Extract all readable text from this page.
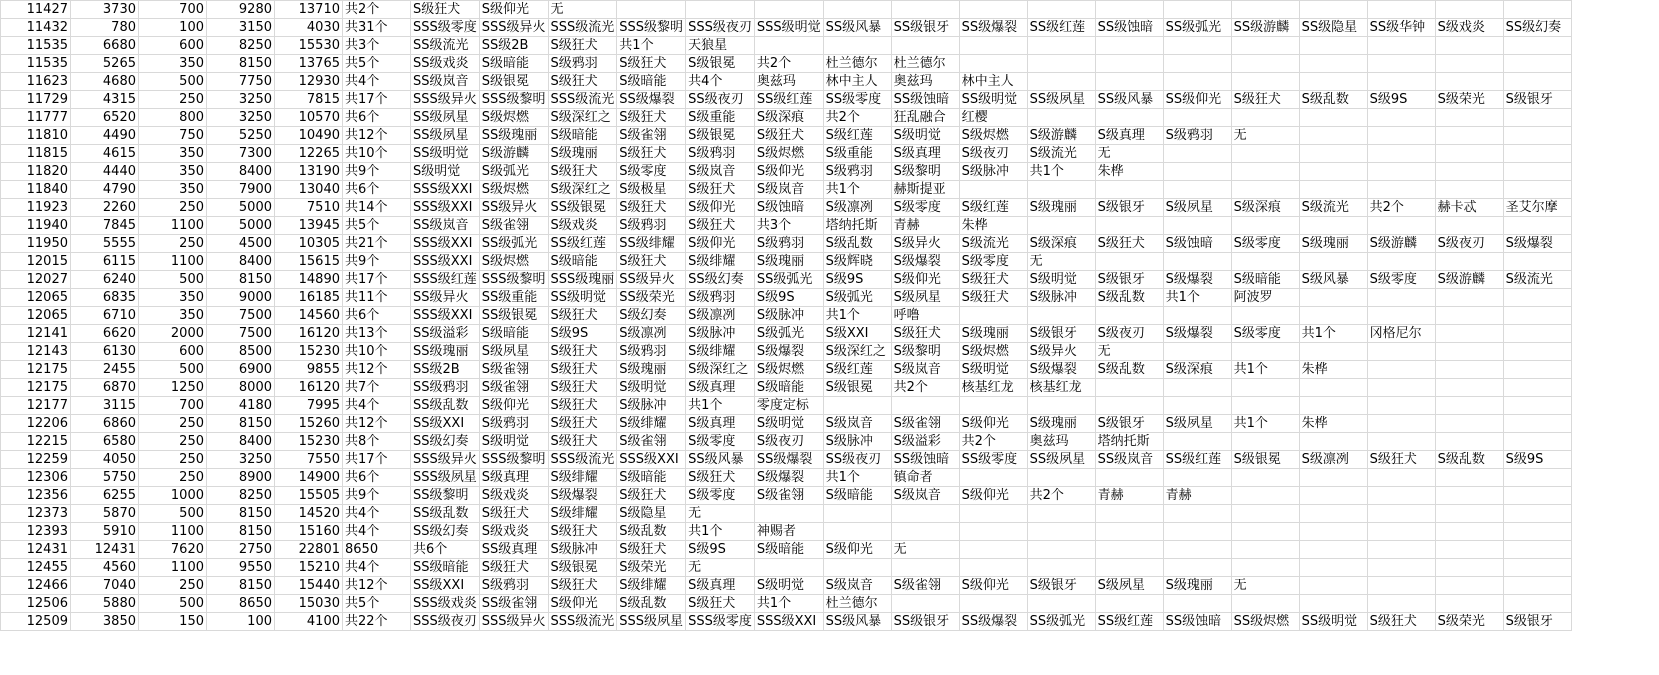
11427	3730	700	9280	13710	共2个	S级狂犬	S级仰光	无														
11432	780	100	3150	4030	共31个	SSS级零度	SSS级异火	SSS级流光	SSS级黎明	SSS级夜刃	SSS级明觉	SS级风暴	SS级银牙	SS级爆裂	SS级红莲	SS级蚀暗	SS级弧光	SS级游麟	SS级隐星	SS级华钟	S级戏炎	SS级幻奏
11535	6680	600	8250	15530	共3个	SS级流光	SS级2B	S级狂犬	共1个	天狼星												
11535	5265	350	8150	13765	共5个	SS级戏炎	S级暗能	S级鸦羽	S级狂犬	S级银冕	共2个	杜兰德尔	杜兰德尔									
11623	4680	500	7750	12930	共4个	SS级岚音	S级银冕	S级狂犬	S级暗能	共4个	奥兹玛	林中主人	奥兹玛	林中主人								
11729	4315	250	3250	7815	共17个	SSS级异火	SSS级黎明	SSS级流光	SS级爆裂	SS级夜刃	SS级红莲	SS级零度	SS级蚀暗	SS级明觉	SS级夙星	SS级风暴	SS级仰光	S级狂犬	S级乱数	S级9S	S级荣光	S级银牙
11777	6520	800	3250	10570	共6个	SS级夙星	S级烬燃	S级深红之	S级狂犬	S级重能	S级深痕	共2个	狂乱融合	红樱								
11810	4490	750	5250	10490	共12个	SS级夙星	SS级瑰丽	S级暗能	S级雀翎	S级银冕	S级狂犬	S级红莲	S级明觉	S级烬燃	S级游麟	S级真理	S级鸦羽	无				
11815	4615	350	7300	12265	共10个	SS级明觉	S级游麟	S级瑰丽	S级狂犬	S级鸦羽	S级烬燃	S级重能	S级真理	S级夜刃	S级流光	无						
11820	4440	350	8400	13190	共9个	S级明觉	S级弧光	S级狂犬	S级零度	S级岚音	S级仰光	S级鸦羽	S级黎明	S级脉冲	共1个	朱桦						
11840	4790	350	7900	13040	共6个	SSS级XXI	S级烬燃	S级深红之	S级极星	S级狂犬	S级岚音	共1个	赫斯提亚									
11923	2260	250	5000	7510	共14个	SSS级XXI	SS级异火	SS级银冕	S级狂犬	S级仰光	S级蚀暗	S级凛冽	S级零度	S级红莲	S级瑰丽	S级银牙	S级夙星	S级深痕	S级流光	共2个	赫卡忒	圣艾尔摩
11940	7845	1100	5000	13945	共5个	SS级岚音	S级雀翎	S级戏炎	S级鸦羽	S级狂犬	共3个	塔纳托斯	青赫	朱桦								
11950	5555	250	4500	10305	共21个	SSS级XXI	SS级弧光	SS级红莲	SS级绯耀	S级仰光	S级鸦羽	S级乱数	S级异火	S级流光	S级深痕	S级狂犬	S级蚀暗	S级零度	S级瑰丽	S级游麟	S级夜刃	S级爆裂
12015	6115	1100	8400	15615	共9个	SSS级XXI	S级烬燃	S级暗能	S级狂犬	S级绯耀	S级瑰丽	S级辉晓	S级爆裂	S级零度	无							
12027	6240	500	8150	14890	共17个	SSS级红莲	SSS级黎明	SSS级瑰丽	SS级异火	SS级幻奏	SS级弧光	S级9S	S级仰光	S级狂犬	S级明觉	S级银牙	S级爆裂	S级暗能	S级风暴	S级零度	S级游麟	S级流光
12065	6835	350	9000	16185	共11个	SS级异火	SS级重能	SS级明觉	SS级荣光	S级鸦羽	S级9S	S级弧光	S级夙星	S级狂犬	S级脉冲	S级乱数	共1个	阿波罗				
12065	6710	350	7500	14560	共6个	SSS级XXI	SS级银冕	S级狂犬	S级幻奏	S级凛冽	S级脉冲	共1个	呼噜									
12141	6620	2000	7500	16120	共13个	SS级溢彩	S级暗能	S级9S	S级凛冽	S级脉冲	S级弧光	S级XXI	S级狂犬	S级瑰丽	S级银牙	S级夜刃	S级爆裂	S级零度	共1个	冈格尼尔		
12143	6130	600	8500	15230	共10个	SS级瑰丽	S级夙星	S级狂犬	S级鸦羽	S级绯耀	S级爆裂	S级深红之	S级黎明	S级烬燃	S级异火	无						
12175	2455	500	6900	9855	共12个	SS级2B	S级雀翎	S级狂犬	S级瑰丽	S级深红之	S级烬燃	S级红莲	S级岚音	S级明觉	S级爆裂	S级乱数	S级深痕	共1个	朱桦			
12175	6870	1250	8000	16120	共7个	SS级鸦羽	S级雀翎	S级狂犬	S级明觉	S级真理	S级暗能	S级银冕	共2个	核基红龙	核基红龙							
12177	3115	700	4180	7995	共4个	SS级乱数	S级仰光	S级狂犬	S级脉冲	共1个	零度定标											
12206	6860	250	8150	15260	共12个	SS级XXI	S级鸦羽	S级狂犬	S级绯耀	S级真理	S级明觉	S级岚音	S级雀翎	S级仰光	S级瑰丽	S级银牙	S级夙星	共1个	朱桦			
12215	6580	250	8400	15230	共8个	SS级幻奏	S级明觉	S级狂犬	S级雀翎	S级零度	S级夜刃	S级脉冲	S级溢彩	共2个	奥兹玛	塔纳托斯						
12259	4050	250	3250	7550	共17个	SSS级异火	SSS级黎明	SSS级流光	SSS级XXI	SS级风暴	SS级爆裂	SS级夜刃	SS级蚀暗	SS级零度	SS级夙星	SS级岚音	SS级红莲	S级银冕	S级凛冽	S级狂犬	S级乱数	S级9S
12306	5750	250	8900	14900	共6个	SSS级夙星	S级真理	S级绯耀	S级暗能	S级狂犬	S级爆裂	共1个	镇命者									
12356	6255	1000	8250	15505	共9个	SS级黎明	S级戏炎	S级爆裂	S级狂犬	S级零度	S级雀翎	S级暗能	S级岚音	S级仰光	共2个	青赫	青赫					
12373	5870	500	8150	14520	共4个	SS级乱数	S级狂犬	S级绯耀	S级隐星	无												
12393	5910	1100	8150	15160	共4个	SS级幻奏	S级戏炎	S级狂犬	S级乱数	共1个	神赐者											
12431	12431	7620	2750	22801	8650	共6个	SS级真理	S级脉冲	S级狂犬	S级9S	S级暗能	S级仰光	无									
12455	4560	1100	9550	15210	共4个	SS级暗能	S级狂犬	S级银冕	S级荣光	无												
12466	7040	250	8150	15440	共12个	SS级XXI	S级鸦羽	S级狂犬	S级绯耀	S级真理	S级明觉	S级岚音	S级雀翎	S级仰光	S级银牙	S级夙星	S级瑰丽	无				
12506	5880	500	8650	15030	共5个	SSS级戏炎	SS级雀翎	S级仰光	S级乱数	S级狂犬	共1个	杜兰德尔										
12509	3850	150	100	4100	共22个	SSS级夜刃	SSS级异火	SSS级流光	SSS级夙星	SSS级零度	SSS级XXI	SS级风暴	SS级银牙	SS级爆裂	SS级弧光	SS级红莲	SS级蚀暗	SS级烬燃	SS级明觉	S级狂犬	S级荣光	S级银牙
